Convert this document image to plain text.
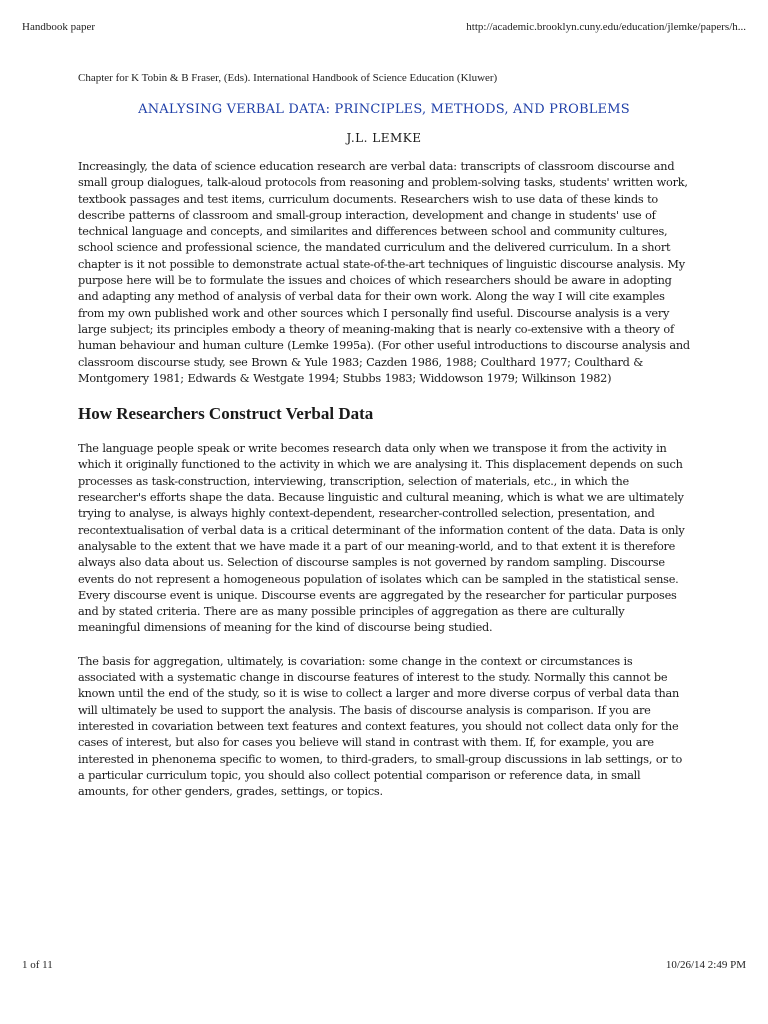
Handbook paper	http://academic.brooklyn.cuny.edu/education/jlemke/papers/h...

Chapter for K Tobin & B Fraser, (Eds). International Handbook of Science Education (Kluwer)

ANALYSING VERBAL DATA: PRINCIPLES, METHODS, AND PROBLEMS

J.L. LEMKE

Increasingly, the data of science education research are verbal data: transcripts of classroom discourse and small group dialogues, talk-aloud protocols from reasoning and problem-solving tasks, students' written work, textbook passages and test items, curriculum documents. Researchers wish to use data of these kinds to describe patterns of classroom and small-group interaction, development and change in students' use of technical language and concepts, and similarites and differences between school and community cultures, school science and professional science, the mandated curriculum and the delivered curriculum. In a short chapter is it not possible to demonstrate actual state-of-the-art techniques of linguistic discourse analysis. My purpose here will be to formulate the issues and choices of which researchers should be aware in adopting and adapting any method of analysis of verbal data for their own work. Along the way I will cite examples from my own published work and other sources which I personally find useful. Discourse analysis is a very large subject; its principles embody a theory of meaning-making that is nearly co-extensive with a theory of human behaviour and human culture (Lemke 1995a). (For other useful introductions to discourse analysis and classroom discourse study, see Brown & Yule 1983; Cazden 1986, 1988; Coulthard 1977; Coulthard & Montgomery 1981; Edwards & Westgate 1994; Stubbs 1983; Widdowson 1979; Wilkinson 1982)

How Researchers Construct Verbal Data

The language people speak or write becomes research data only when we transpose it from the activity in which it originally functioned to the activity in which we are analysing it. This displacement depends on such processes as task-construction, interviewing, transcription, selection of materials, etc., in which the researcher's efforts shape the data. Because linguistic and cultural meaning, which is what we are ultimately trying to analyse, is always highly context-dependent, researcher-controlled selection, presentation, and recontextualisation of verbal data is a critical determinant of the information content of the data. Data is only analysable to the extent that we have made it a part of our meaning-world, and to that extent it is therefore always also data about us. Selection of discourse samples is not governed by random sampling. Discourse events do not represent a homogeneous population of isolates which can be sampled in the statistical sense. Every discourse event is unique. Discourse events are aggregated by the researcher for particular purposes and by stated criteria. There are as many possible principles of aggregation as there are culturally meaningful dimensions of meaning for the kind of discourse being studied.

The basis for aggregation, ultimately, is covariation: some change in the context or circumstances is associated with a systematic change in discourse features of interest to the study. Normally this cannot be known until the end of the study, so it is wise to collect a larger and more diverse corpus of verbal data than will ultimately be used to support the analysis. The basis of discourse analysis is comparison. If you are interested in covariation between text features and context features, you should not collect data only for the cases of interest, but also for cases you believe will stand in contrast with them. If, for example, you are interested in phenonema specific to women, to third-graders, to small-group discussions in lab settings, or to a particular curriculum topic, you should also collect potential comparison or reference data, in small amounts, for other genders, grades, settings, or topics.

1 of 11	10/26/14 2:49 PM
